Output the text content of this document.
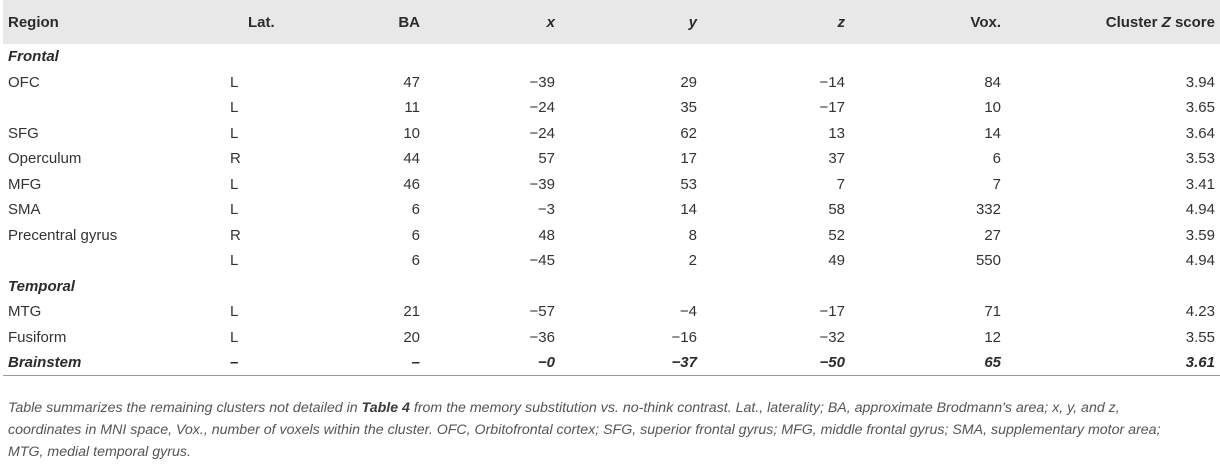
Region	Lat.	BA	x	y	z	Vox.	Cluster Z score
Frontal							
OFC	L	47	−39	29	−14	84	3.94
	L	11	−24	35	−17	10	3.65
SFG	L	10	−24	62	13	14	3.64
Operculum	R	44	57	17	37	6	3.53
MFG	L	46	−39	53	7	7	3.41
SMA	L	6	−3	14	58	332	4.94
Precentral gyrus	R	6	48	8	52	27	3.59
	L	6	−45	2	49	550	4.94
Temporal							
MTG	L	21	−57	−4	−17	71	4.23
Fusiform	L	20	−36	−16	−32	12	3.55
Brainstem	–	–	−0	−37	−50	65	3.61
Table summarizes the remaining clusters not detailed in Table 4 from the memory substitution vs. no-think contrast. Lat., laterality; BA, approximate Brodmann's area; x, y, and z, coordinates in MNI space, Vox., number of voxels within the cluster. OFC, Orbitofrontal cortex; SFG, superior frontal gyrus; MFG, middle frontal gyrus; SMA, supplementary motor area; MTG, medial temporal gyrus.
